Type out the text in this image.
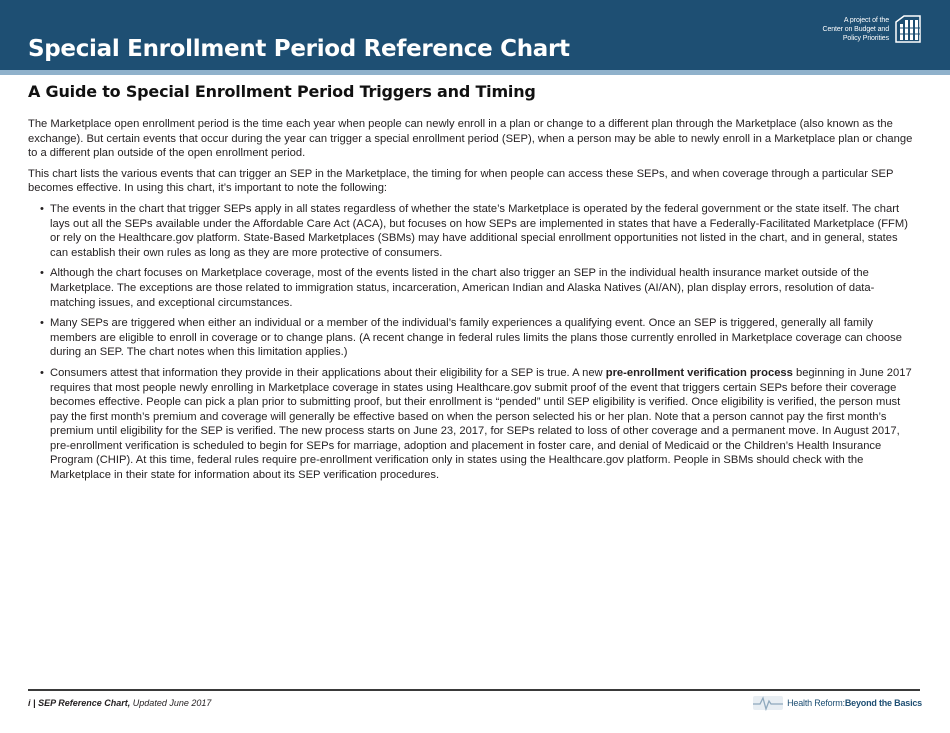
Special Enrollment Period Reference Chart
A project of the
Center on Budget and
Policy Priorities
A Guide to Special Enrollment Period Triggers and Timing

The Marketplace open enrollment period is the time each year when people can newly enroll in a plan or change to a different plan through the Marketplace (also known as the exchange). But certain events that occur during the year can trigger a special enrollment period (SEP), when a person may be able to newly enroll in a Marketplace plan or change to a different plan outside of the open enrollment period.

This chart lists the various events that can trigger an SEP in the Marketplace, the timing for when people can access these SEPs, and when coverage through a particular SEP becomes effective. In using this chart, it’s important to note the following:

• The events in the chart that trigger SEPs apply in all states regardless of whether the state’s Marketplace is operated by the federal government or the state itself. The chart lays out all the SEPs available under the Affordable Care Act (ACA), but focuses on how SEPs are implemented in states that have a Federally-Facilitated Marketplace (FFM) or rely on the Healthcare.gov platform. State-Based Marketplaces (SBMs) may have additional special enrollment opportunities not listed in the chart, and in general, states can establish their own rules as long as they are more protective of consumers.
• Although the chart focuses on Marketplace coverage, most of the events listed in the chart also trigger an SEP in the individual health insurance market outside of the Marketplace. The exceptions are those related to immigration status, incarceration, American Indian and Alaska Natives (AI/AN), plan display errors, resolution of data-matching issues, and exceptional circumstances.
• Many SEPs are triggered when either an individual or a member of the individual’s family experiences a qualifying event. Once an SEP is triggered, generally all family members are eligible to enroll in coverage or to change plans. (A recent change in federal rules limits the plans those currently enrolled in Marketplace coverage can choose during an SEP. The chart notes when this limitation applies.)
• Consumers attest that information they provide in their applications about their eligibility for a SEP is true. A new pre-enrollment verification process beginning in June 2017 requires that most people newly enrolling in Marketplace coverage in states using Healthcare.gov submit proof of the event that triggers certain SEPs before their coverage becomes effective. People can pick a plan prior to submitting proof, but their enrollment is “pended” until SEP eligibility is verified. Once eligibility is verified, the person must pay the first month’s premium and coverage will generally be effective based on when the person selected his or her plan. Note that a person cannot pay the first month’s premium until eligibility for the SEP is verified. The new process starts on June 23, 2017, for SEPs related to loss of other coverage and a permanent move. In August 2017, pre-enrollment verification is scheduled to begin for SEPs for marriage, adoption and placement in foster care, and denial of Medicaid or the Children’s Health Insurance Program (CHIP). At this time, federal rules require pre-enrollment verification only in states using the Healthcare.gov platform. People in SBMs should check with the Marketplace in their state for information about its SEP verification procedures.
i | SEP Reference Chart, Updated June 2017	Health Reform:Beyond the Basics
